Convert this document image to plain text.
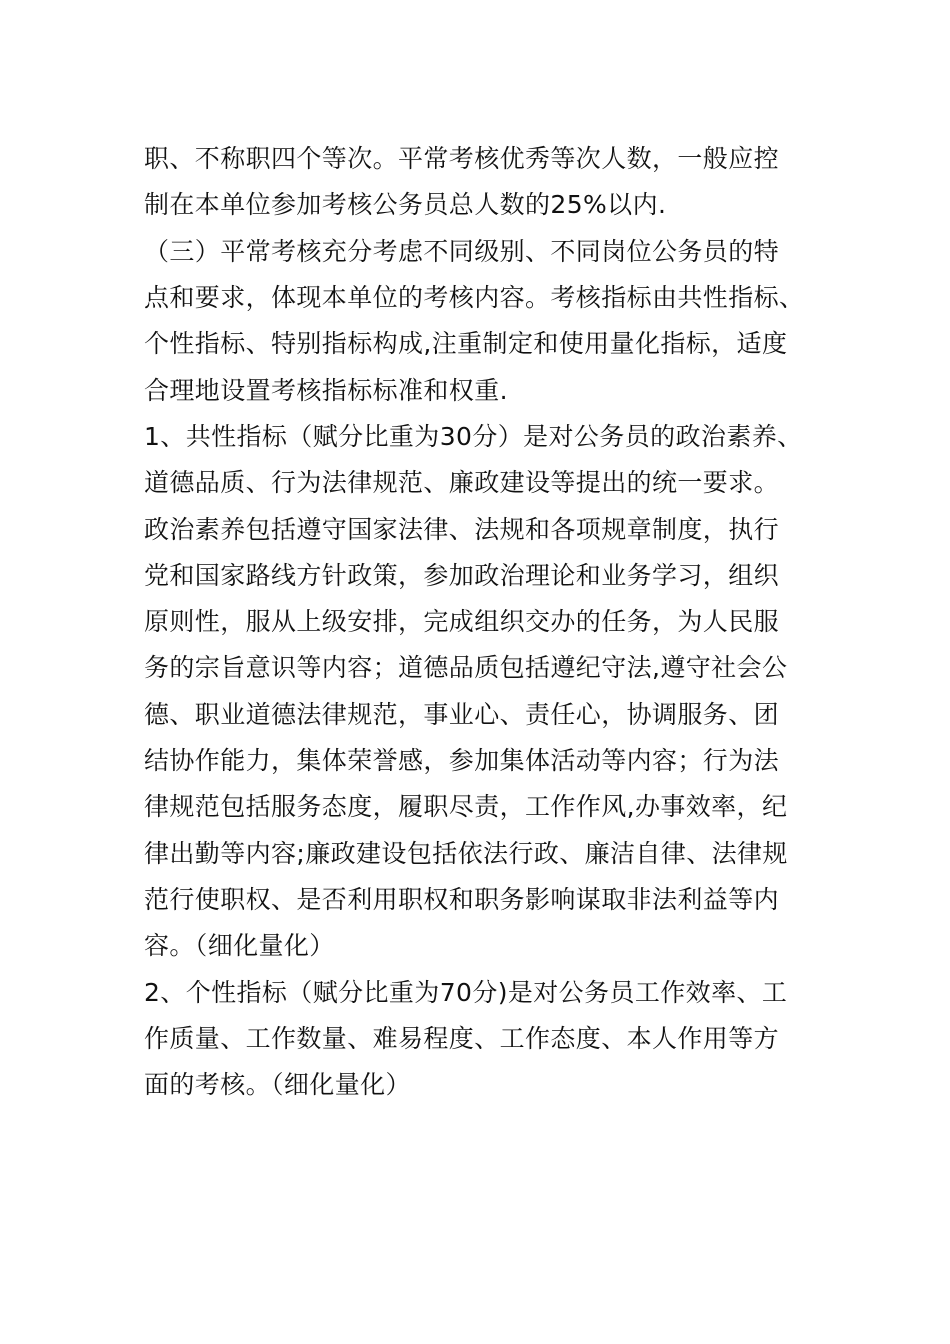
职、不称职四个等次。平常考核优秀等次人数，一般应控
制在本单位参加考核公务员总人数的25%以内.
（三）平常考核充分考虑不同级别、不同岗位公务员的特
点和要求，体现本单位的考核内容。考核指标由共性指标、
个性指标、特别指标构成,注重制定和使用量化指标，适度
合理地设置考核指标标准和权重.
1、共性指标（赋分比重为30分）是对公务员的政治素养、
道德品质、行为法律规范、廉政建设等提出的统一要求。
政治素养包括遵守国家法律、法规和各项规章制度，执行
党和国家路线方针政策，参加政治理论和业务学习，组织
原则性，服从上级安排，完成组织交办的任务，为人民服
务的宗旨意识等内容；道德品质包括遵纪守法,遵守社会公
德、职业道德法律规范，事业心、责任心，协调服务、团
结协作能力，集体荣誉感，参加集体活动等内容；行为法
律规范包括服务态度，履职尽责，工作作风,办事效率，纪
律出勤等内容;廉政建设包括依法行政、廉洁自律、法律规
范行使职权、是否利用职权和职务影响谋取非法利益等内
容。（细化量化）
2、个性指标（赋分比重为70分)是对公务员工作效率、工
作质量、工作数量、难易程度、工作态度、本人作用等方
面的考核。（细化量化）
